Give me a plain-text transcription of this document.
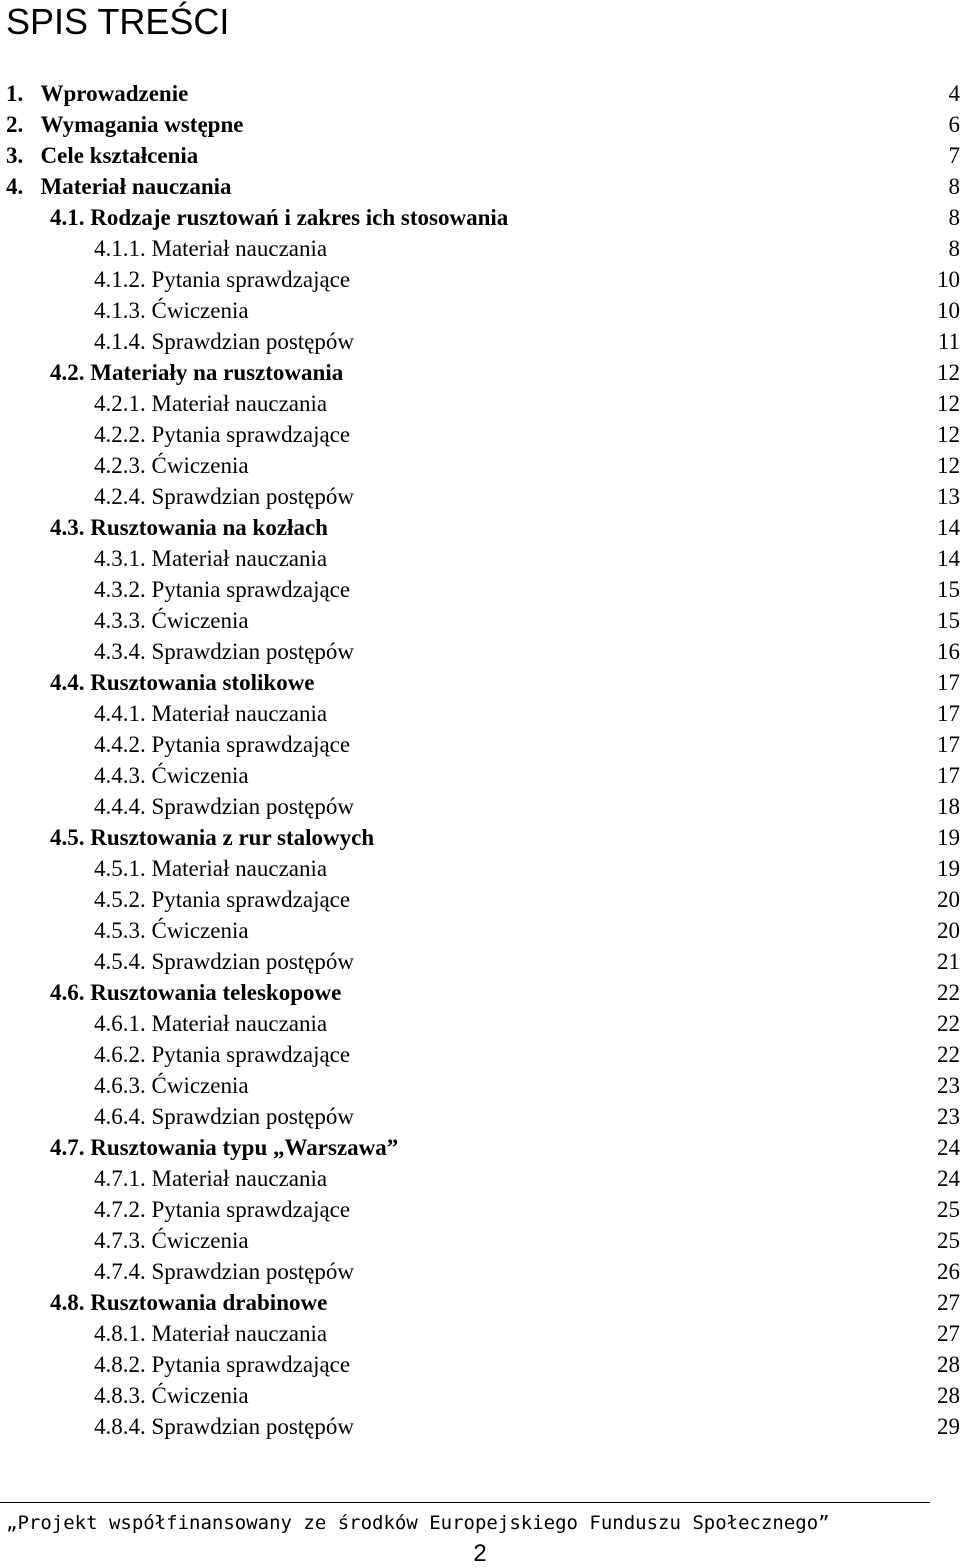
SPIS TREŚCI
1.   Wprowadzenie	4
2.   Wymagania wstępne	6
3.   Cele kształcenia	7
4.   Materiał nauczania	8
4.1. Rodzaje rusztowań i zakres ich stosowania	8
4.1.1. Materiał nauczania	8
4.1.2. Pytania sprawdzające	10
4.1.3. Ćwiczenia	10
4.1.4. Sprawdzian postępów	11
4.2. Materiały na rusztowania	12
4.2.1. Materiał nauczania	12
4.2.2. Pytania sprawdzające	12
4.2.3. Ćwiczenia	12
4.2.4. Sprawdzian postępów	13
4.3. Rusztowania na kozłach	14
4.3.1. Materiał nauczania	14
4.3.2. Pytania sprawdzające	15
4.3.3. Ćwiczenia	15
4.3.4. Sprawdzian postępów	16
4.4. Rusztowania stolikowe	17
4.4.1. Materiał nauczania	17
4.4.2. Pytania sprawdzające	17
4.4.3. Ćwiczenia	17
4.4.4. Sprawdzian postępów	18
4.5. Rusztowania z rur stalowych	19
4.5.1. Materiał nauczania	19
4.5.2. Pytania sprawdzające	20
4.5.3. Ćwiczenia	20
4.5.4. Sprawdzian postępów	21
4.6. Rusztowania teleskopowe	22
4.6.1. Materiał nauczania	22
4.6.2. Pytania sprawdzające	22
4.6.3. Ćwiczenia	23
4.6.4. Sprawdzian postępów	23
4.7. Rusztowania typu „Warszawa”	24
4.7.1. Materiał nauczania	24
4.7.2. Pytania sprawdzające	25
4.7.3. Ćwiczenia	25
4.7.4. Sprawdzian postępów	26
4.8. Rusztowania drabinowe	27
4.8.1. Materiał nauczania	27
4.8.2. Pytania sprawdzające	28
4.8.3. Ćwiczenia	28
4.8.4. Sprawdzian postępów	29
„Projekt współfinansowany ze środków Europejskiego Funduszu Społecznego”
2
